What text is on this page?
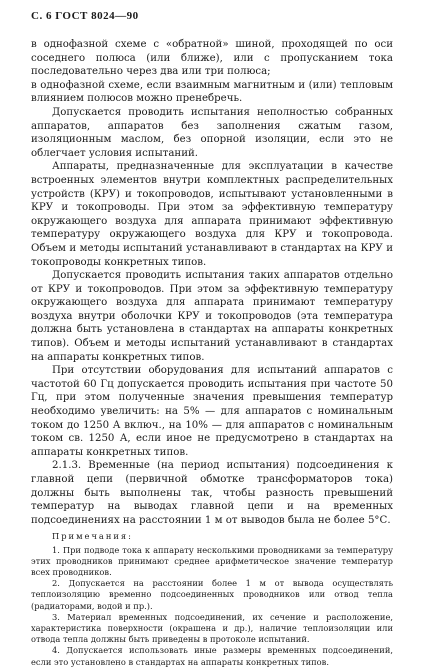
С. 6 ГОСТ 8024—90

в однофазной схеме с «обратной» шиной, проходящей по оси соседнего полюса (или ближе), или с пропусканием тока последовательно через два или три полюса;

в однофазной схеме, если взаимным магнитным и (или) тепловым влиянием полюсов можно пренебречь.

Допускается проводить испытания неполностью собранных аппаратов, аппаратов без заполнения сжатым газом, изоляционным маслом, без опорной изоляции, если это не облегчает условия испытаний.

Аппараты, предназначенные для эксплуатации в качестве встроенных элементов внутри комплектных распределительных устройств (КРУ) и токопроводов, испытывают установленными в КРУ и токопроводы. При этом за эффективную температуру окружающего воздуха для аппарата принимают эффективную температуру окружающего воздуха для КРУ и токопровода. Объем и методы испытаний устанавливают в стандартах на КРУ и токопроводы конкретных типов.

Допускается проводить испытания таких аппаратов отдельно от КРУ и токопроводов. При этом за эффективную температуру окружающего воздуха для аппарата принимают температуру воздуха внутри оболочки КРУ и токопроводов (эта температура должна быть установлена в стандартах на аппараты конкретных типов). Объем и методы испытаний устанавливают в стандартах на аппараты конкретных типов.

При отсутствии оборудования для испытаний аппаратов с частотой 60 Гц допускается проводить испытания при частоте 50 Гц, при этом полученные значения превышения температур необходимо увеличить: на 5% — для аппаратов с номинальным током до 1250 А включ., на 10% — для аппаратов с номинальным током св. 1250 А, если иное не предусмотрено в стандартах на аппараты конкретных типов.

2.1.3. Временные (на период испытания) подсоединения к главной цепи (первичной обмотке трансформаторов тока) должны быть выполнены так, чтобы разность превышений температур на выводах главной цепи и на временных подсоединениях на расстоянии 1 м от выводов была не более 5°С.

Примечания:

1. При подводе тока к аппарату несколькими проводниками за температуру этих проводников принимают среднее арифметическое значение температур всех проводников.

2. Допускается на расстоянии более 1 м от вывода осуществлять теплоизоляцию временно подсоединенных проводников или отвод тепла (радиаторами, водой и пр.).

3. Материал временных подсоединений, их сечение и расположение, характеристика поверхности (окрашена и др.), наличие теплоизоляции или отвода тепла должны быть приведены в протоколе испытаний.

4. Допускается использовать иные размеры временных подсоединений, если это установлено в стандартах на аппараты конкретных типов.
